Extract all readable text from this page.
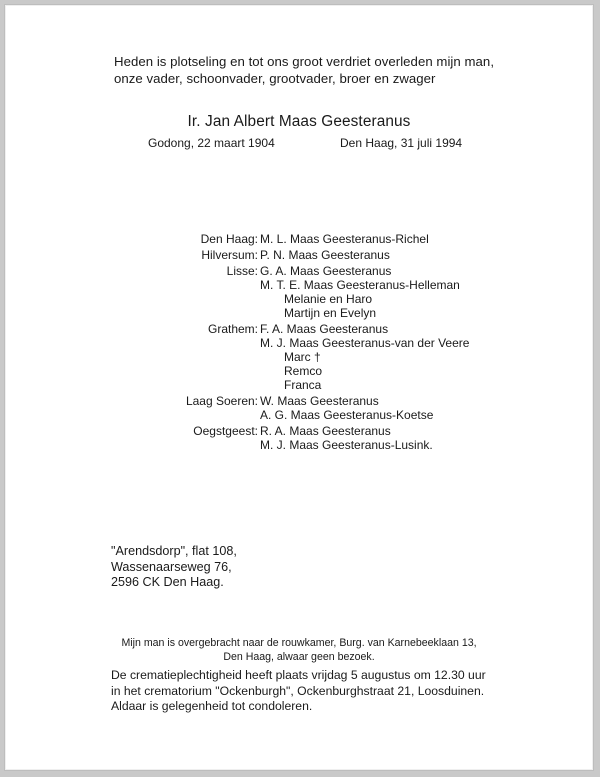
Heden is plotseling en tot ons groot verdriet overleden mijn man,
onze vader, schoonvader, grootvader, broer en zwager
Ir. Jan Albert Maas Geesteranus
Godong, 22 maart 1904	Den Haag, 31 juli 1994
Den Haag: M. L. Maas Geesteranus-Richel
Hilversum: P. N. Maas Geesteranus
Lisse: G. A. Maas Geesteranus
M. T. E. Maas Geesteranus-Helleman
Melanie en Haro
Martijn en Evelyn
Grathem: F. A. Maas Geesteranus
M. J. Maas Geesteranus-van der Veere
Marc †
Remco
Franca
Laag Soeren: W. Maas Geesteranus
A. G. Maas Geesteranus-Koetse
Oegstgeest: R. A. Maas Geesteranus
M. J. Maas Geesteranus-Lusink.
"Arendsdorp", flat 108,
Wassenaarseweg 76,
2596 CK Den Haag.
Mijn man is overgebracht naar de rouwkamer, Burg. van Karnebeeklaan 13,
Den Haag, alwaar geen bezoek.
De crematieplechtigheid heeft plaats vrijdag 5 augustus om 12.30 uur
in het crematorium "Ockenburgh", Ockenburghstraat 21, Loosduinen.
Aldaar is gelegenheid tot condoleren.
